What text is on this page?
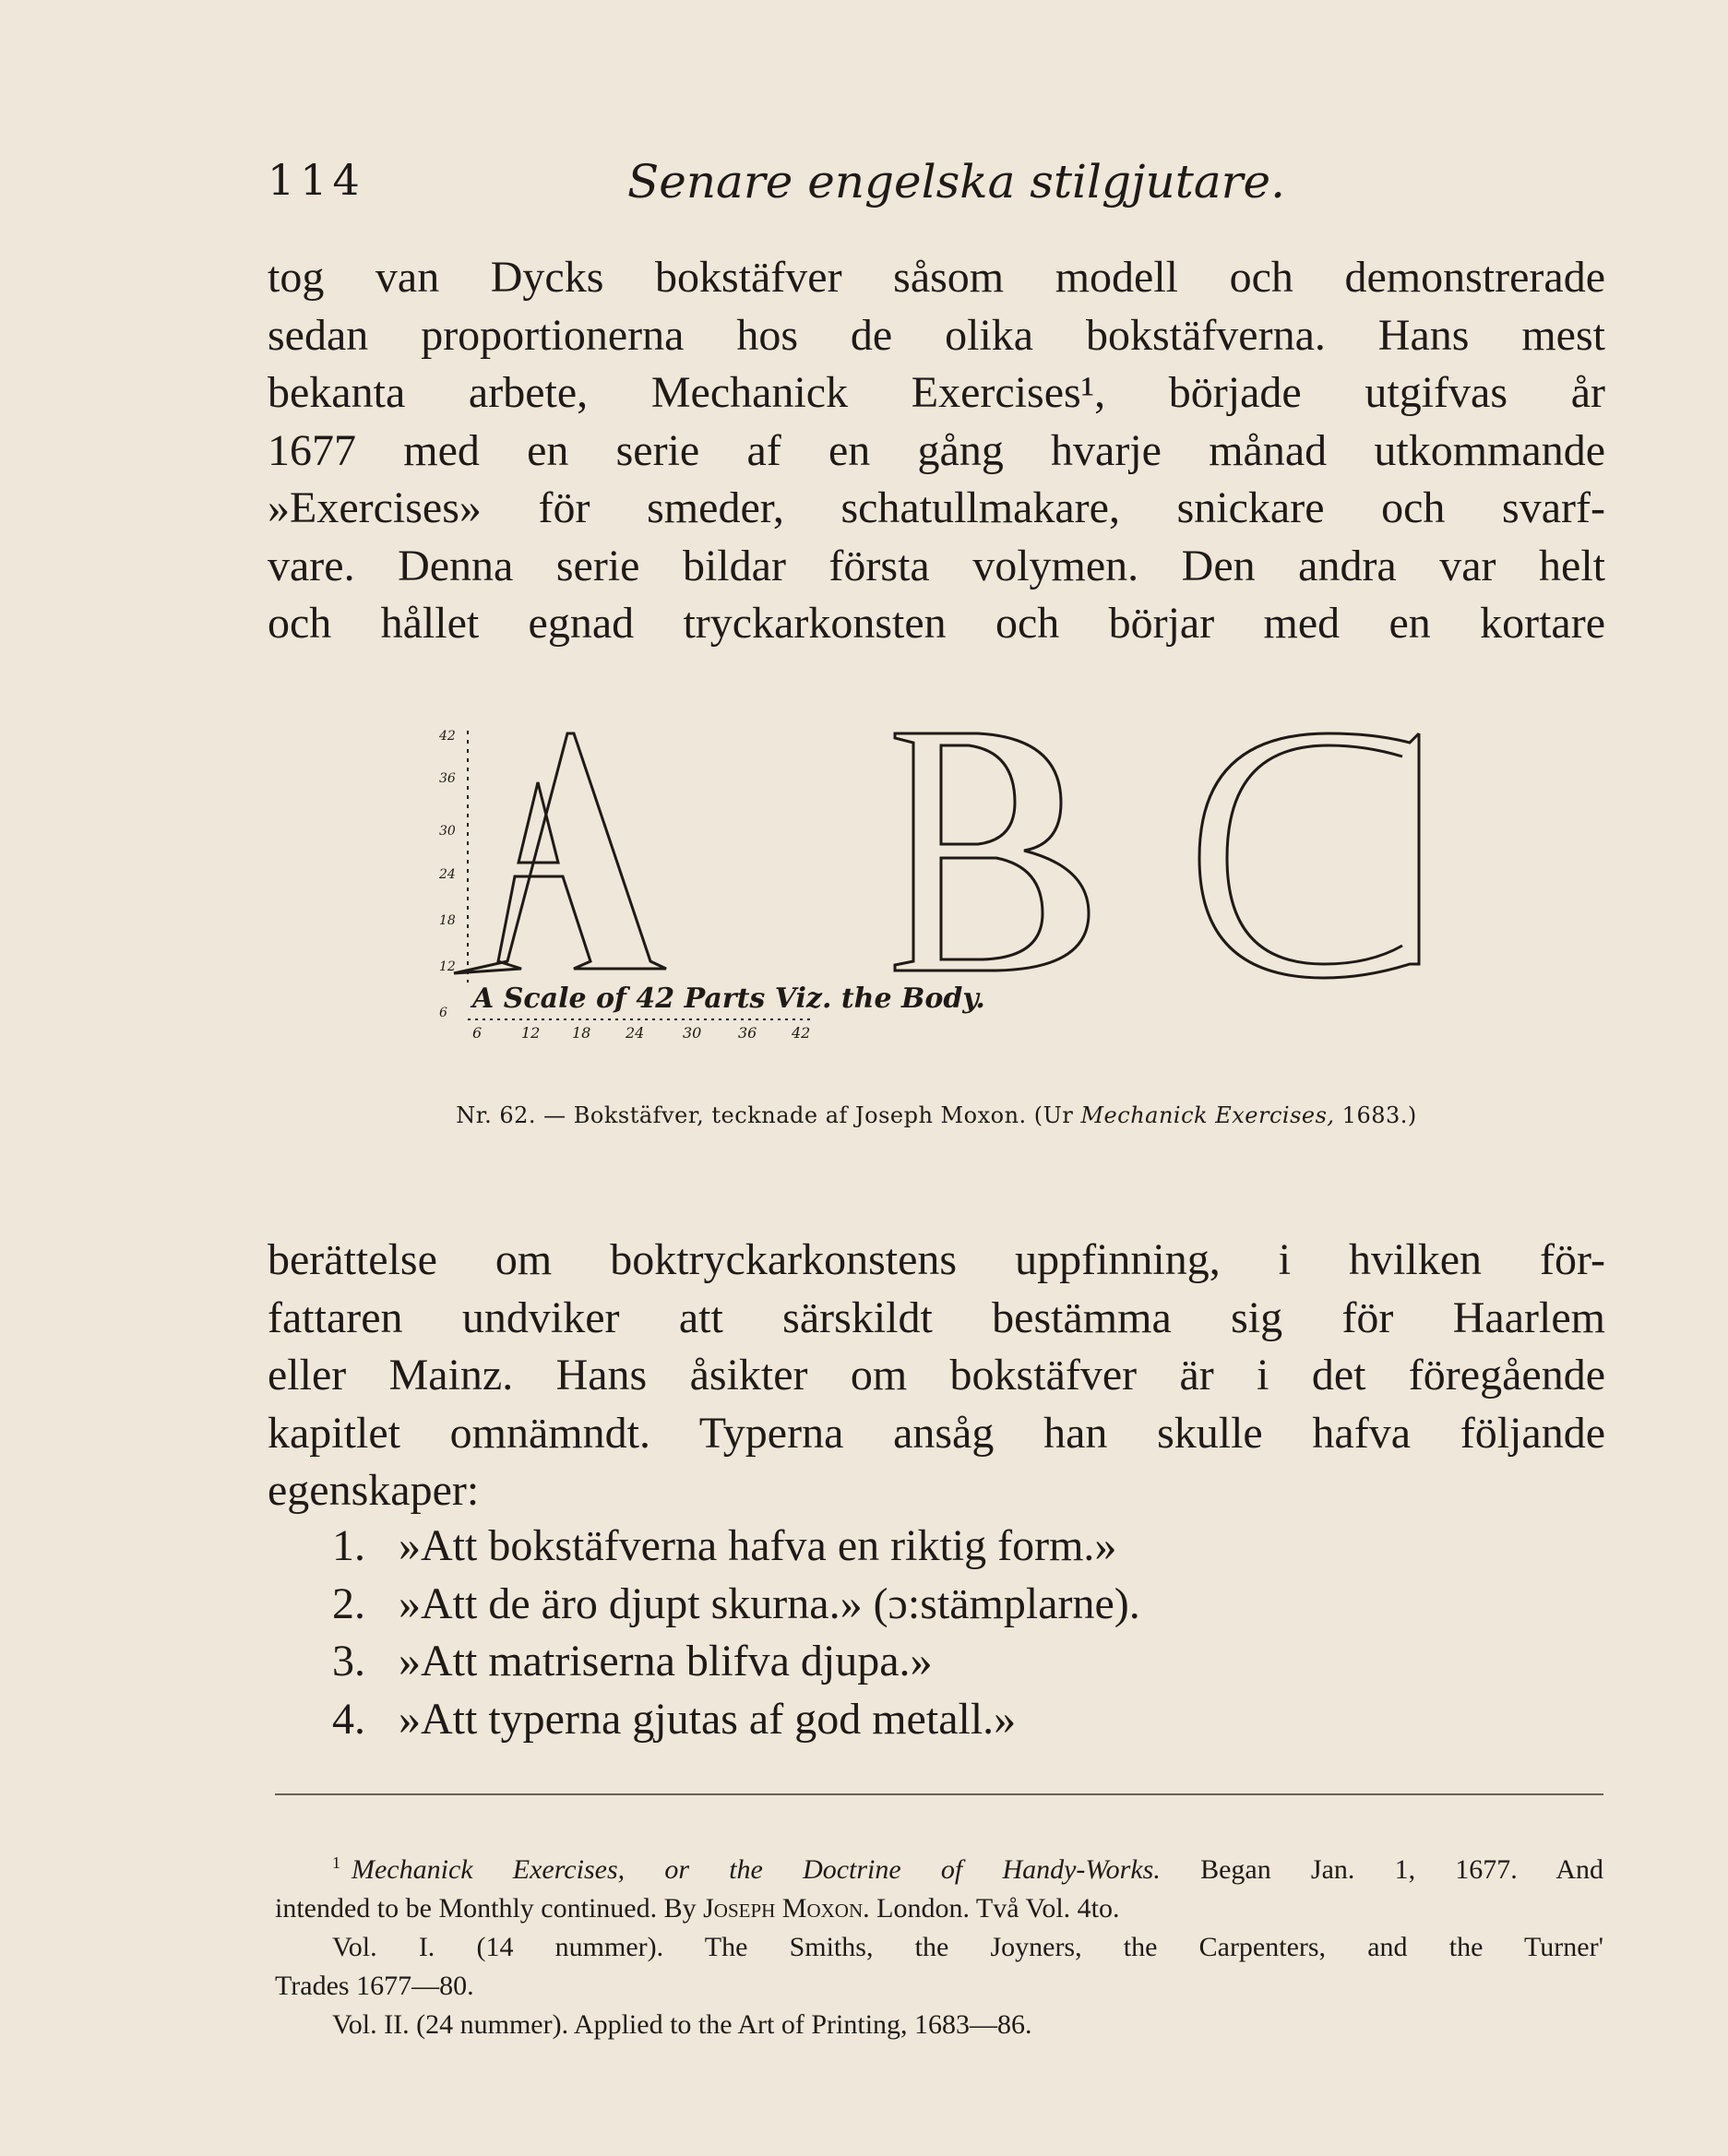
114	Senare engelska stilgjutare.

tog van Dycks bokstäfver såsom modell och demonstrerade

sedan proportionerna hos de olika bokstäfverna. Hans mest

bekanta arbete, Mechanick Exercises¹, började utgifvas år

1677 med en serie af en gång hvarje månad utkommande

»Exercises» för smeder, schatullmakare, snickare och svarf-

vare. Denna serie bildar första volymen. Den andra var helt

och hållet egnad tryckarkonsten och börjar med en kortare

42
36
30
24
18
12
6 A Scale of 42 Parts Viz. the Body.
6	12 18 24	30 36 42
Nr. 62. — Bokstäfver, tecknade af Joseph Moxon. (Ur Mechanick Exercises, 1683.)

berättelse om boktryckarkonstens uppfinning, i hvilken för-

fattaren undviker att särskildt bestämma sig för Haarlem

eller Mainz. Hans åsikter om bokstäfver är i det föregående

kapitlet omnämndt. Typerna ansåg han skulle hafva följande

egenskaper:

1. »Att bokstäfverna hafva en riktig form.»
2. »Att de äro djupt skurna.» (ɔ:stämplarne).
3. »Att matriserna blifva djupa.»
4. »Att typerna gjutas af god metall.»
$^1$ Mechanick Exercises, or the Doctrine of Handy-Works. Began Jan. 1, 1677. And
intended to be Monthly continued. By Joseph Moxon. London. Två Vol. 4to.
Vol. I. (14 nummer). The Smiths, the Joyners, the Carpenters, and the Turner'
Trades 1677—80.
Vol. II. (24 nummer). Applied to the Art of Printing, 1683—86.
